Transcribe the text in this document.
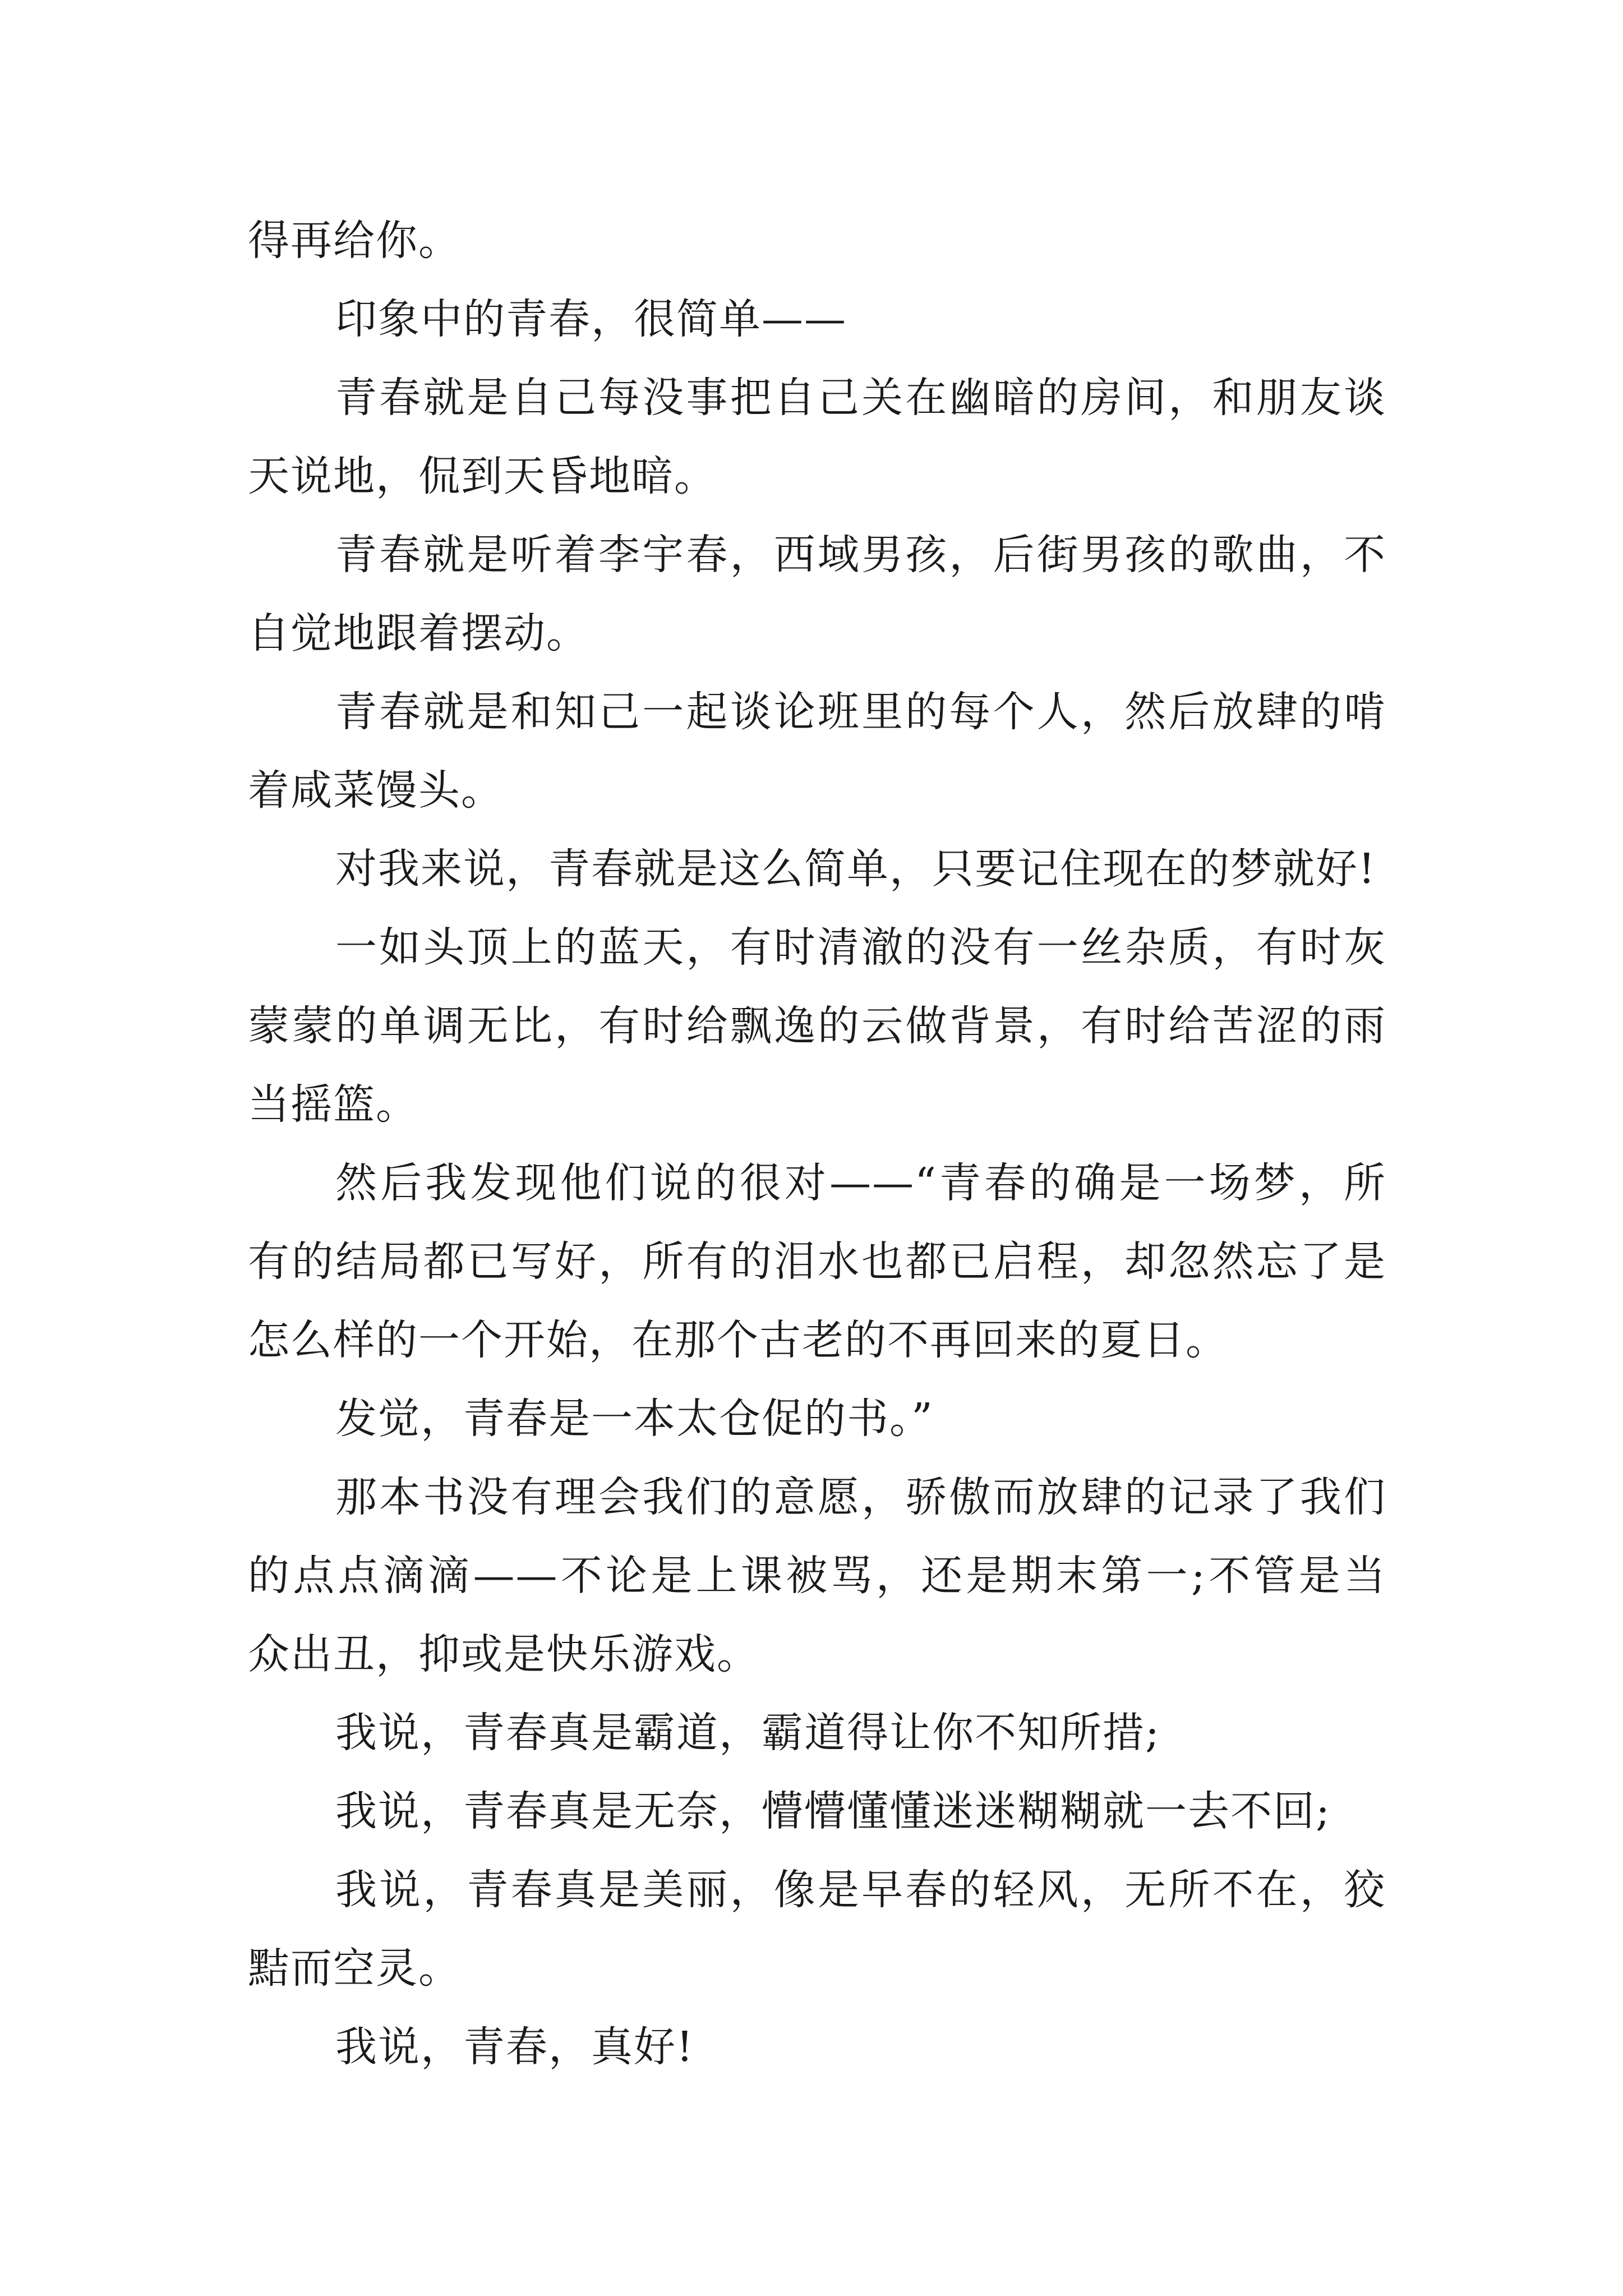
得再给你。
印象中的青春，很简单——
青春就是自己每没事把自己关在幽暗的房间，和朋友谈
天说地，侃到天昏地暗。
青春就是听着李宇春，西域男孩，后街男孩的歌曲，不
自觉地跟着摆动。
青春就是和知己一起谈论班里的每个人，然后放肆的啃
着咸菜馒头。
对我来说，青春就是这么简单，只要记住现在的梦就好!
一如头顶上的蓝天，有时清澈的没有一丝杂质，有时灰
蒙蒙的单调无比，有时给飘逸的云做背景，有时给苦涩的雨
当摇篮。
然后我发现他们说的很对——“青春的确是一场梦，所
有的结局都已写好，所有的泪水也都已启程，却忽然忘了是
怎么样的一个开始，在那个古老的不再回来的夏日。
发觉，青春是一本太仓促的书。”
那本书没有理会我们的意愿，骄傲而放肆的记录了我们
的点点滴滴——不论是上课被骂，还是期末第一;不管是当
众出丑，抑或是快乐游戏。
我说，青春真是霸道，霸道得让你不知所措;
我说，青春真是无奈，懵懵懂懂迷迷糊糊就一去不回;
我说，青春真是美丽，像是早春的轻风，无所不在，狡
黠而空灵。
我说，青春，真好!
